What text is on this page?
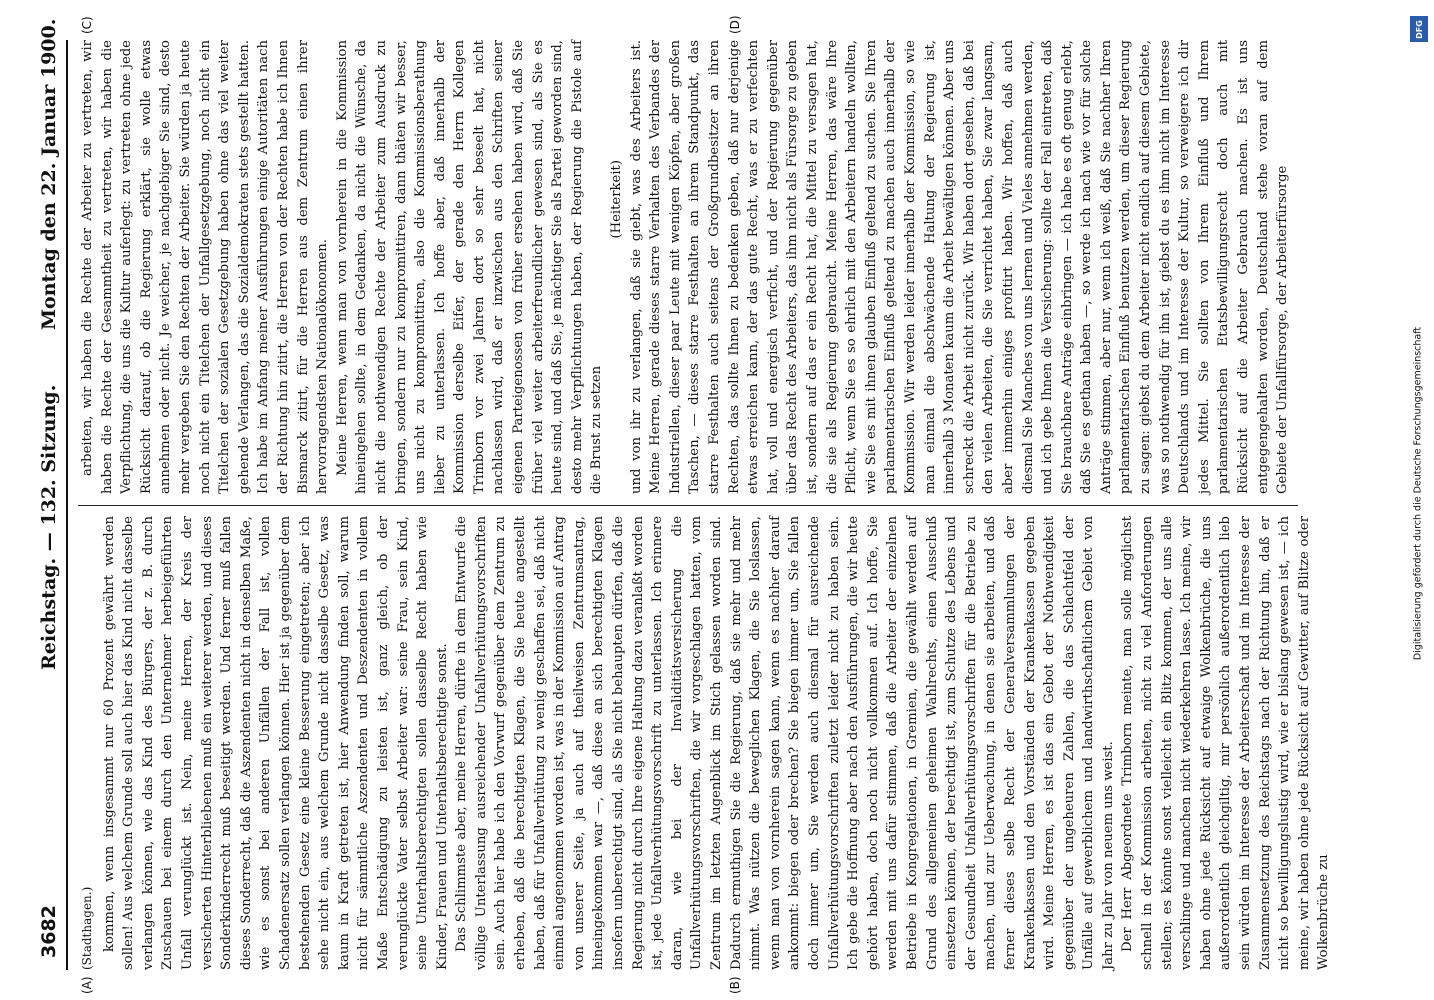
3682
Reichstag. — 132. Sitzung.
Montag den 22. Januar 1900.
(A)	(B)
(C)	(D)
(Stadthagen.) kommen, wenn insgesammt nur 60 Prozent gewährt werden sollen! Aus welchem Grunde soll auch hier das Kind nicht dasselbe verlangen können, wie das Kind des Bürgers, der z. B. durch Zuschauen bei einem durch den Unternehmer herbeigeführten Unfall verunglückt ist. Nein, meine Herren, der Kreis der versicherten Hinterbliebenen muß ein weiterer werden, und dieses Sonderkinderrecht muß beseitigt werden. Und ferner muß fallen dieses Sonderrecht, daß die Aszendenten nicht in denselben Maße, wie es sonst bei anderen Unfällen der Fall ist, vollen Schadenersatz sollen verlangen können. Hier ist ja gegenüber dem bestehenden Gesetz eine kleine Besserung eingetreten; aber ich sehe nicht ein, aus welchem Grunde nicht dasselbe Gesetz, was kaum in Kraft getreten ist, hier Anwendung finden soll, warum nicht für sämmtliche Aszendenten und Deszendenten in vollem Maße Entschädigung zu leisten ist, ganz gleich, ob der verunglückte Vater selbst Arbeiter war: seine Frau, sein Kind, seine Unterhaltsberechtigten sollen dasselbe Recht haben wie Kinder, Frauen und Unterhaltsberechtigte sonst. Das Schlimmste aber, meine Herren, dürfte in dem Entwurfe die völlige Unterlassung ausreichender Unfallverhütungsvorschriften sein. Auch hier habe ich den Vorwurf gegenüber dem Zentrum zu erheben, daß die berechtigten Klagen, die Sie heute angestellt haben, daß für Unfallverhütung zu wenig geschaffen sei, daß nicht einmal angenommen worden ist, was in der Kommission auf Antrag von unserer Seite, ja auch auf theilweisen Zentrumsantrag, hineingekommen war —, daß diese an sich berechtigten Klagen insofern unberechtigt sind, als Sie nicht behaupten dürfen, daß die Regierung nicht durch Ihre eigene Haltung dazu veranlaßt worden ist, jede Unfallverhütungsvorschrift zu unterlassen. Ich erinnere daran, wie bei der Invaliditätsversicherung die Unfallverhütungsvorschriften, die wir vorgeschlagen hatten, vom Zentrum im letzten Augenblick im Stich gelassen worden sind. Dadurch ermuthigen Sie die Regierung, daß sie mehr und mehr nimmt. Was nützen die beweglichen Klagen, die Sie loslassen, wenn man von vornherein sagen kann, wenn es nachher darauf ankommt: biegen oder brechen? Sie biegen immer um, Sie fallen doch immer um, Sie werden auch diesmal für ausreichende Unfallverhütungsvorschriften zuletzt leider nicht zu haben sein. Ich gebe die Hoffnung aber nach den Ausführungen, die wir heute gehört haben, doch noch nicht vollkommen auf. Ich hoffe, Sie werden mit uns dafür stimmen, daß die Arbeiter der einzelnen Betriebe in Kongregationen, in Gremien, die gewählt werden auf Grund des allgemeinen geheimen Wahlrechts, einen Ausschuß einsetzen können, der berechtigt ist, zum Schutze des Lebens und der Gesundheit Unfallverhütungsvorschriften für die Betriebe zu machen, und zur Ueberwachung, in denen sie arbeiten, und daß ferner dieses selbe Recht der Generalversammlungen der Krankenkassen und den Vorständen der Krankenkassen gegeben wird. Meine Herren, es ist das ein Gebot der Nothwendigkeit gegenüber der ungeheuren Zahlen, die das Schlachtfeld der Unfälle auf gewerblichem und landwirthschaftlichem Gebiet von Jahr zu Jahr von neuem uns weist. Der Herr Abgeordnete Trimborn meinte, man solle möglichst schnell in der Kommission arbeiten, nicht zu viel Anforderungen stellen; es könnte sonst vielleicht ein Blitz kommen, der uns alle verschlinge und manchen nicht wiederkehren lasse. Ich meine, wir haben ohne jede Rücksicht auf etwaige Wolkenbrüche, die uns außerordentlich gleichgiltig, mir persönlich außerordentlich lieb sein würden im Interesse der Arbeiterschaft und im Interesse der Zusammensetzung des Reichstags nach der Richtung hin, daß er nicht so bewilligungslustig wird, wie er bislang gewesen ist, — ich meine, wir haben ohne jede Rücksicht auf Gewitter, auf Blitze oder Wolkenbrüche zu

arbeiten, wir haben die Rechte der Arbeiter zu vertreten, wir haben die Rechte der Gesammtheit zu vertreten, wir haben die Verpflichtung, die uns die Kultur auferlegt: zu vertreten ohne jede Rücksicht darauf, ob die Regierung erklärt, sie wolle etwas annehmen oder nicht. Je weicher, je nachgiebiger Sie sind, desto mehr vergeben Sie den Rechten der Arbeiter. Sie würden ja heute noch nicht ein Titelchen der Unfallgesetzgebung, noch nicht ein Titelchen der sozialen Gesetzgebung haben ohne das viel weiter gehende Verlangen, das die Sozialdemokraten stets gestellt hatten. Ich habe im Anfang meiner Ausführungen einige Autoritäten nach der Richtung hin zitirt, die Herren von der Rechten habe ich Ihnen Bismarck zitirt, für die Herren aus dem Zentrum einen ihrer hervorragendsten Nationalökonomen. Meine Herren, wenn man von vornherein in die Kommission hineingehen sollte, in dem Gedanken, da nicht die Wünsche, da nicht die nothwendigen Rechte der Arbeiter zum Ausdruck zu bringen, sondern nur zu kompromittiren, dann thäten wir besser, uns nicht zu kompromittiren, also die Kommissionsberathung lieber zu unterlassen. Ich hoffe aber, daß innerhalb der Kommission derselbe Eifer, der gerade den Herrn Kollegen Trimborn vor zwei Jahren dort so sehr beseelt hat, nicht nachlassen wird, daß er inzwischen aus den Schriften seiner eigenen Parteigenossen von früher ersehen haben wird, daß Sie früher viel weiter arbeiterfreundlicher gewesen sind, als Sie es heute sind, und daß Sie, je mächtiger Sie als Partei geworden sind, desto mehr Verpflichtungen haben, der Regierung die Pistole auf die Brust zu setzen

(Heiterkeit) und von ihr zu verlangen, daß sie giebt, was des Arbeiters ist. Meine Herren, gerade dieses starre Verhalten des Verbandes der Industriellen, dieser paar Leute mit wenigen Köpfen, aber großen Taschen, — dieses starre Festhalten an ihrem Standpunkt, das starre Festhalten auch seitens der Großgrundbesitzer an ihren Rechten, das sollte Ihnen zu bedenken geben, daß nur derjenige etwas erreichen kann, der das gute Recht, was er zu verfechten hat, voll und energisch verficht, und der Regierung gegenüber über das Recht des Arbeiters, das ihm nicht als Fürsorge zu geben ist, sondern auf das er ein Recht hat, die Mittel zu versagen hat, die sie als Regierung gebraucht. Meine Herren, das wäre Ihre Pflicht, wenn Sie es so ehrlich mit den Arbeitern handeln wollten, wie Sie es mit ihnen glauben Einfluß geltend zu suchen. Sie Ihren parlamentarischen Einfluß geltend zu machen auch innerhalb der Kommission. Wir werden leider innerhalb der Kommission, so wie man einmal die abschwächende Haltung der Regierung ist, innerhalb 3 Monaten kaum die Arbeit bewältigen können. Aber uns schreckt die Arbeit nicht zurück. Wir haben dort gesehen, daß bei den vielen Arbeiten, die Sie verrichtet haben, Sie zwar langsam, aber immerhin einiges profitirt haben. Wir hoffen, daß auch diesmal Sie Manches von uns lernen und Vieles annehmen werden, und ich gebe Ihnen die Versicherung: sollte der Fall eintreten, daß Sie brauchbare Anträge einbringen — ich habe es oft genug erlebt, daß Sie es gethan haben —, so werde ich nach wie vor für solche Anträge stimmen, aber nur, wenn ich weiß, daß Sie nachher Ihren parlamentarischen Einfluß benutzen werden, um dieser Regierung zu sagen: giebst du dem Arbeiter nicht endlich auf diesem Gebiete, was so nothwendig für ihn ist, giebst du es ihm nicht im Interesse Deutschlands und im Interesse der Kultur, so verweigere ich dir jedes Mittel. Sie sollten von Ihrem Einfluß und Ihrem parlamentarischen Etatsbewilligungsrecht doch auch mit Rücksicht auf die Arbeiter Gebrauch machen. Es ist uns entgegengehalten worden, Deutschland stehe voran auf dem Gebiete der Unfallfürsorge, der Arbeiterfürsorge

DFG
Digitalisierung gefördert durch die Deutsche Forschungsgemeinschaft
